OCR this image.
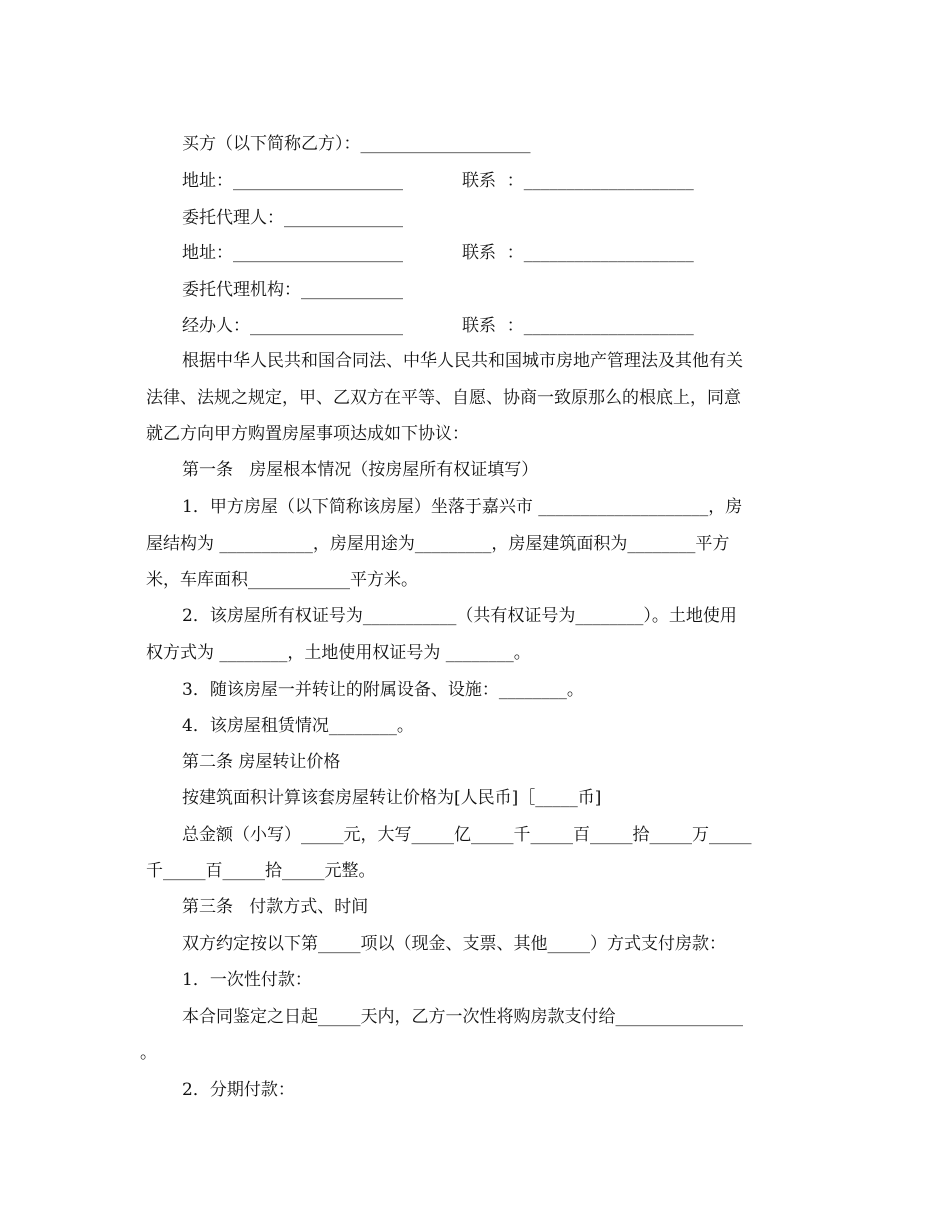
买方（以下简称乙方）：____________________
地址：____________________	联系  ：____________________
委托代理人：______________
地址：____________________	联系  ：____________________
委托代理机构：____________
经办人：__________________	联系  ：____________________
根据中华人民共和国合同法、中华人民共和国城市房地产管理法及其他有关
法律、法规之规定，甲、乙双方在平等、自愿、协商一致原那么的根底上，同意
就乙方向甲方购置房屋事项达成如下协议：
第一条   房屋根本情况（按房屋所有权证填写）
1．甲方房屋（以下简称该房屋）坐落于嘉兴市 ____________________，房
屋结构为 ___________，房屋用途为_________，房屋建筑面积为________平方
米，车库面积____________平方米。
2．该房屋所有权证号为___________（共有权证号为________）。土地使用
权方式为 ________，土地使用权证号为 ________。
3．随该房屋一并转让的附属设备、设施：________。
4．该房屋租赁情况________。
第二条 房屋转让价格
按建筑面积计算该套房屋转让价格为[人民币]［_____币]
总金额（小写）_____元，大写_____亿_____千_____百_____拾_____万_____
千_____百_____拾_____元整。
第三条   付款方式、时间
双方约定按以下第_____项以（现金、支票、其他_____）方式支付房款：
1．一次性付款：
本合同鉴定之日起_____天内，乙方一次性将购房款支付给_______________
。
2．分期付款：
